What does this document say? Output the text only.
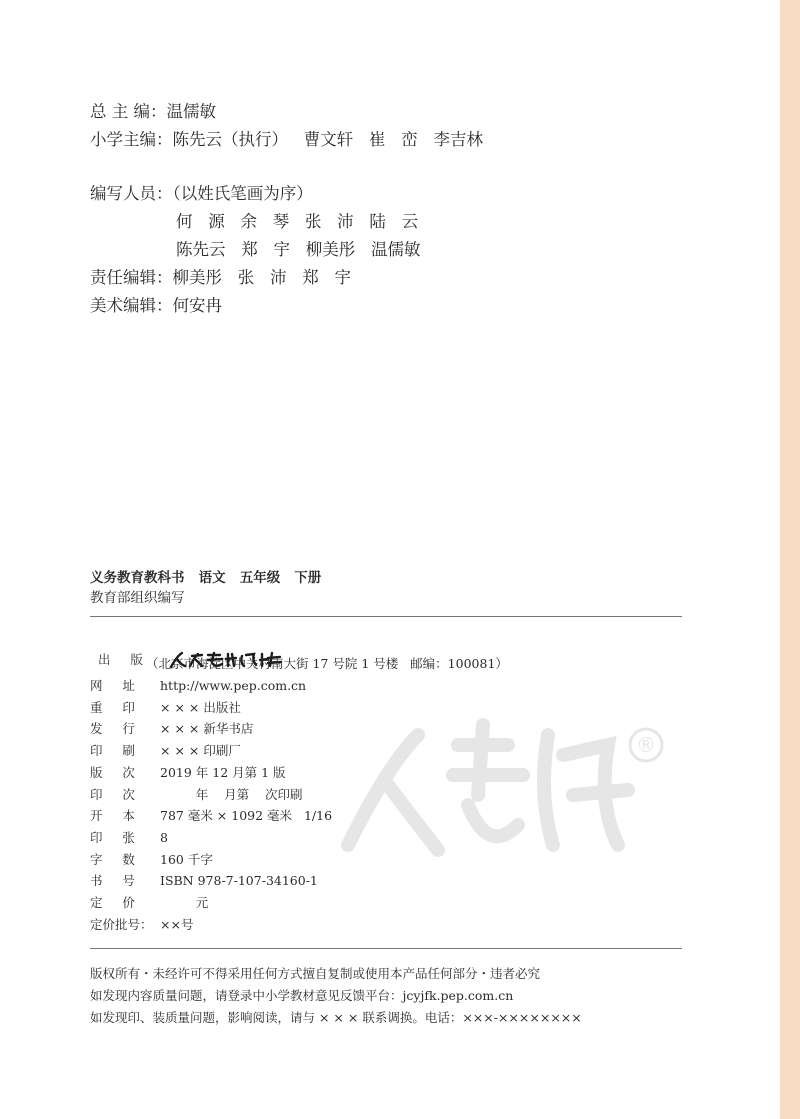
总 主 编：温儒敏
小学主编：陈先云（执行）   曹文轩   崔   峦   李吉林
编写人员：（以姓氏笔画为序）
何   源   余   琴   张   沛   陆   云
陈先云   郑   宇   柳美彤   温儒敏
责任编辑：柳美彤   张   沛   郑   宇
美术编辑：何安冉
义务教育教科书   语文   五年级   下册
教育部组织编写
®

出     版 （北京市海淀区中关村南大街 17 号院 1 号楼   邮编：100081）
网     址 http://www.pep.com.cn
重     印 × × × 出版社
发     行 × × × 新华书店
印     刷 × × × 印刷厂
版     次 2019 年 12 月第 1 版
印     次         年    月第    次印刷
开     本 787 毫米 × 1092 毫米   1/16
印     张 8
字     数 160 千字
书     号 ISBN 978-7-107-34160-1
定     价         元
定价批号： ××号
版权所有・未经许可不得采用任何方式擅自复制或使用本产品任何部分・违者必究
如发现内容质量问题，请登录中小学教材意见反馈平台：jcyjfk.pep.com.cn
如发现印、装质量问题，影响阅读，请与 × × × 联系调换。电话：×××-××××××××
